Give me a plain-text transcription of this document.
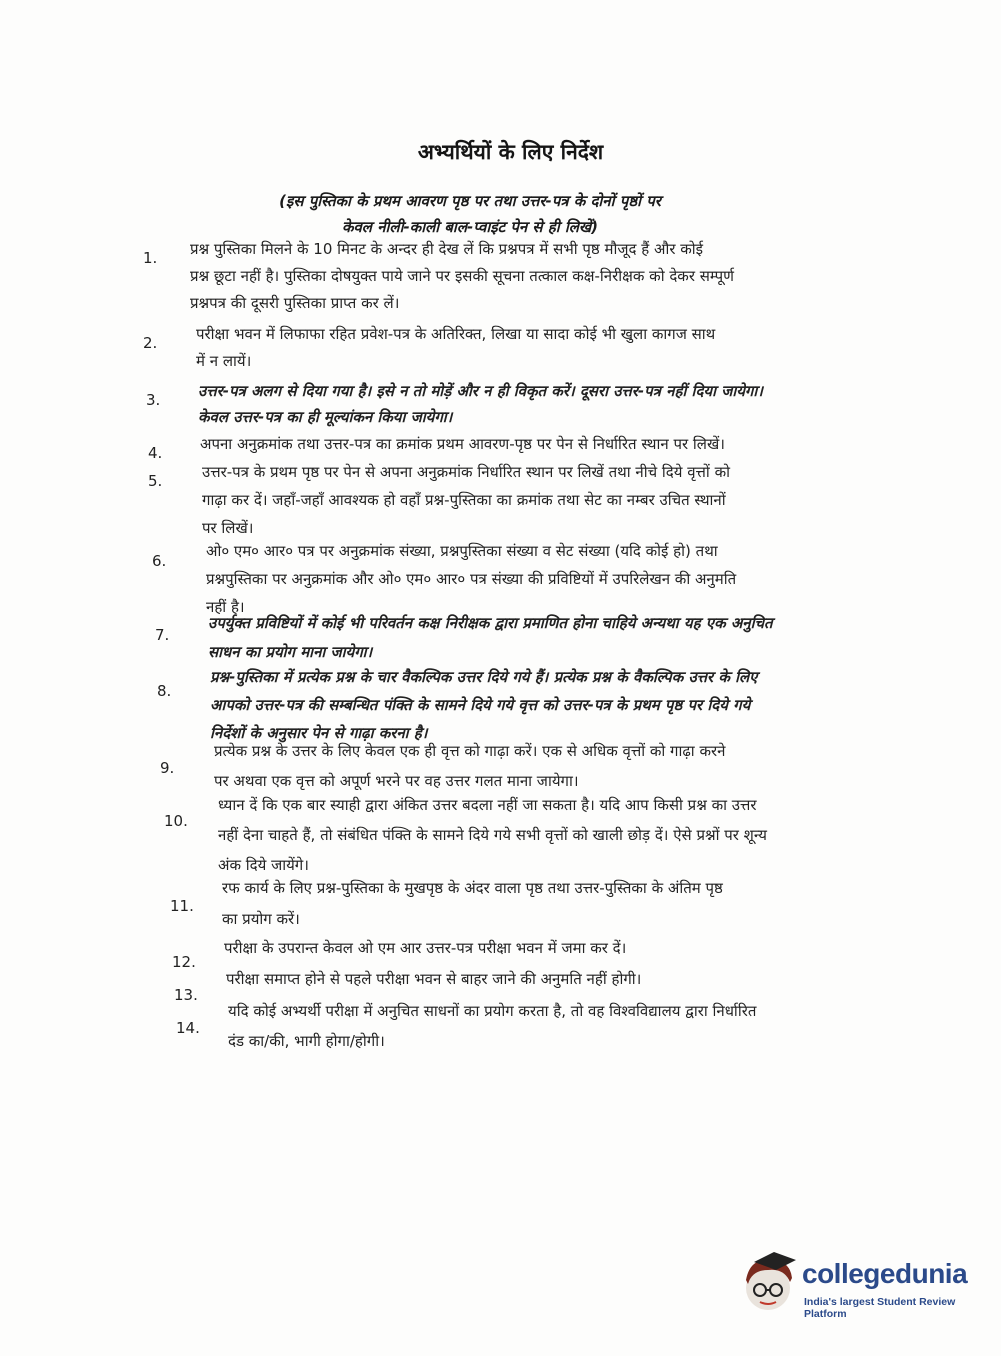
अभ्यर्थियों के लिए निर्देश
(इस पुस्तिका के प्रथम आवरण पृष्ठ पर तथा उत्तर-पत्र के दोनों पृष्ठों पर
केवल नीली-काली बाल-प्वाइंट पेन से ही लिखें)
1. प्रश्न पुस्तिका मिलने के 10 मिनट के अन्दर ही देख लें कि प्रश्नपत्र में सभी पृष्ठ मौजूद हैं और कोई
प्रश्न छूटा नहीं है। पुस्तिका दोषयुक्त पाये जाने पर इसकी सूचना तत्काल कक्ष-निरीक्षक को देकर सम्पूर्ण
प्रश्नपत्र की दूसरी पुस्तिका प्राप्त कर लें।
2.	परीक्षा भवन में लिफाफा रहित प्रवेश-पत्र के अतिरिक्त, लिखा या सादा कोई भी खुला कागज साथ
में न लायें।
3.	उत्तर-पत्र अलग से दिया गया है। इसे न तो मोड़ें और न ही विकृत करें। दूसरा उत्तर-पत्र नहीं दिया जायेगा।
केवल उत्तर-पत्र का ही मूल्यांकन किया जायेगा।
4.	अपना अनुक्रमांक तथा उत्तर-पत्र का क्रमांक प्रथम आवरण-पृष्ठ पर पेन से निर्धारित स्थान पर लिखें।
5.	उत्तर-पत्र के प्रथम पृष्ठ पर पेन से अपना अनुक्रमांक निर्धारित स्थान पर लिखें तथा नीचे दिये वृत्तों को
गाढ़ा कर दें। जहाँ-जहाँ आवश्यक हो वहाँ प्रश्न-पुस्तिका का क्रमांक तथा सेट का नम्बर उचित स्थानों
पर लिखें।
6.
ओ० एम० आर० पत्र पर अनुक्रमांक संख्या, प्रश्नपुस्तिका संख्या व सेट संख्या (यदि कोई हो) तथा
प्रश्नपुस्तिका पर अनुक्रमांक और ओ० एम० आर० पत्र संख्या की प्रविष्टियों में उपरिलेखन की अनुमति
नहीं है।
7.
उपर्युक्त प्रविष्टियों में कोई भी परिवर्तन कक्ष निरीक्षक द्वारा प्रमाणित होना चाहिये अन्यथा यह एक अनुचित
साधन का प्रयोग माना जायेगा।
8.
प्रश्न-पुस्तिका में प्रत्येक प्रश्न के चार वैकल्पिक उत्तर दिये गये हैं। प्रत्येक प्रश्न के वैकल्पिक उत्तर के लिए
आपको उत्तर-पत्र की सम्बन्धित पंक्ति के सामने दिये गये वृत्त को उत्तर-पत्र के प्रथम पृष्ठ पर दिये गये
निर्देशों के अनुसार पेन से गाढ़ा करना है।
9.
प्रत्येक प्रश्न के उत्तर के लिए केवल एक ही वृत्त को गाढ़ा करें। एक से अधिक वृत्तों को गाढ़ा करने
पर अथवा एक वृत्त को अपूर्ण भरने पर वह उत्तर गलत माना जायेगा।
10.
ध्यान दें कि एक बार स्याही द्वारा अंकित उत्तर बदला नहीं जा सकता है। यदि आप किसी प्रश्न का उत्तर
नहीं देना चाहते हैं, तो संबंधित पंक्ति के सामने दिये गये सभी वृत्तों को खाली छोड़ दें। ऐसे प्रश्नों पर शून्य
अंक दिये जायेंगे।
11.
रफ कार्य के लिए प्रश्न-पुस्तिका के मुखपृष्ठ के अंदर वाला पृष्ठ तथा उत्तर-पुस्तिका के अंतिम पृष्ठ
का प्रयोग करें।
12.
परीक्षा के उपरान्त केवल ओ एम आर उत्तर-पत्र परीक्षा भवन में जमा कर दें।
13.
परीक्षा समाप्त होने से पहले परीक्षा भवन से बाहर जाने की अनुमति नहीं होगी।
14.
यदि कोई अभ्यर्थी परीक्षा में अनुचित साधनों का प्रयोग करता है, तो वह विश्वविद्यालय द्वारा निर्धारित
दंड का/की, भागी होगा/होगी।
collegedunia
India's largest Student Review Platform
